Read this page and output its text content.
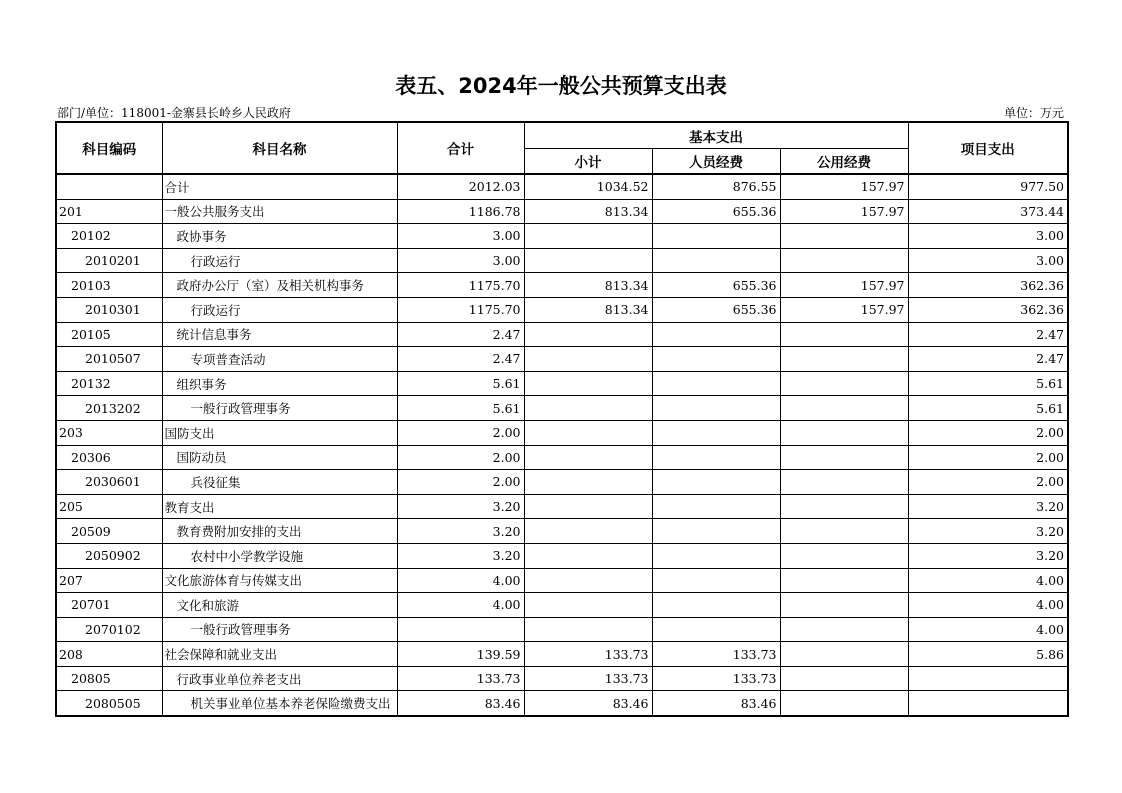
表五、2024年一般公共预算支出表
部门/单位：118001-金寨县长岭乡人民政府	单位：万元
科目编码	科目名称	合计	基本支出			项目支出
			小计	人员经费	公用经费	
	合计	2012.03	1034.52	876.55	157.97	977.50
201	一般公共服务支出	1186.78	813.34	655.36	157.97	373.44
20102	政协事务	3.00				3.00
2010201	行政运行	3.00				3.00
20103	政府办公厅（室）及相关机构事务	1175.70	813.34	655.36	157.97	362.36
2010301	行政运行	1175.70	813.34	655.36	157.97	362.36
20105	统计信息事务	2.47				2.47
2010507	专项普查活动	2.47				2.47
20132	组织事务	5.61				5.61
2013202	一般行政管理事务	5.61				5.61
203	国防支出	2.00				2.00
20306	国防动员	2.00				2.00
2030601	兵役征集	2.00				2.00
205	教育支出	3.20				3.20
20509	教育费附加安排的支出	3.20				3.20
2050902	农村中小学教学设施	3.20				3.20
207	文化旅游体育与传媒支出	4.00				4.00
20701	文化和旅游	4.00				4.00
2070102	一般行政管理事务					4.00
208	社会保障和就业支出	139.59	133.73	133.73		5.86
20805	行政事业单位养老支出	133.73	133.73	133.73		
2080505	机关事业单位基本养老保险缴费支出	83.46	83.46	83.46		
